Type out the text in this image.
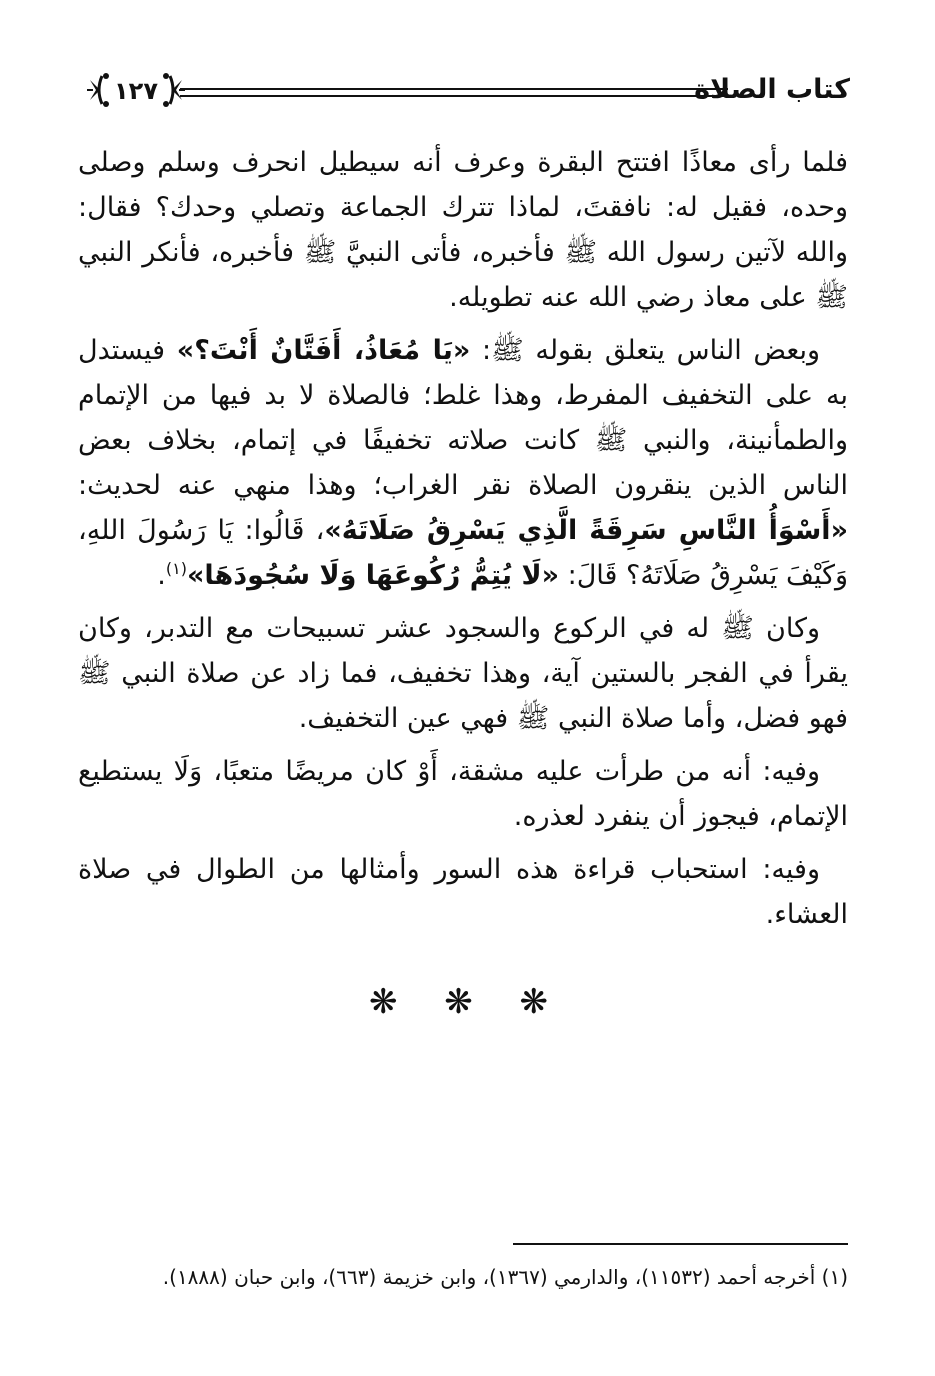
كتاب الصلاة
١٢٧

فلما رأى معاذًا افتتح البقرة وعرف أنه سيطيل انحرف وسلم وصلى وحده، فقيل له: نافقتَ، لماذا تترك الجماعة وتصلي وحدك؟ فقال: والله لآتين رسول الله ﷺ فأخبره، فأتى النبيَّ ﷺ فأخبره، فأنكر النبي ﷺ على معاذ رضي الله عنه تطويله.

وبعض الناس يتعلق بقوله ﷺ: «يَا مُعَاذُ، أَفَتَّانٌ أَنْتَ؟» فيستدل به على التخفيف المفرط، وهذا غلط؛ فالصلاة لا بد فيها من الإتمام والطمأنينة، والنبي ﷺ كانت صلاته تخفيفًا في إتمام، بخلاف بعض الناس الذين ينقرون الصلاة نقر الغراب؛ وهذا منهي عنه لحديث: «أَسْوَأُ النَّاسِ سَرِقَةً الَّذِي يَسْرِقُ صَلَاتَهُ»، قَالُوا: يَا رَسُولَ اللهِ، وَكَيْفَ يَسْرِقُ صَلَاتَهُ؟ قَالَ: «لَا يُتِمُّ رُكُوعَهَا وَلَا سُجُودَهَا»$^{(١)}$.

وكان ﷺ له في الركوع والسجود عشر تسبيحات مع التدبر، وكان يقرأ في الفجر بالستين آية، وهذا تخفيف، فما زاد عن صلاة النبي ﷺ فهو فضل، وأما صلاة النبي ﷺ فهي عين التخفيف.

وفيه: أنه من طرأت عليه مشقة، أَوْ كان مريضًا متعبًا، وَلَا يستطيع الإتمام، فيجوز أن ينفرد لعذره.

وفيه: استحباب قراءة هذه السور وأمثالها من الطوال في صلاة العشاء.

❋ ❋ ❋
(١) أخرجه أحمد (١١٥٣٢)، والدارمي (١٣٦٧)، وابن خزيمة (٦٦٣)، وابن حبان (١٨٨٨).
